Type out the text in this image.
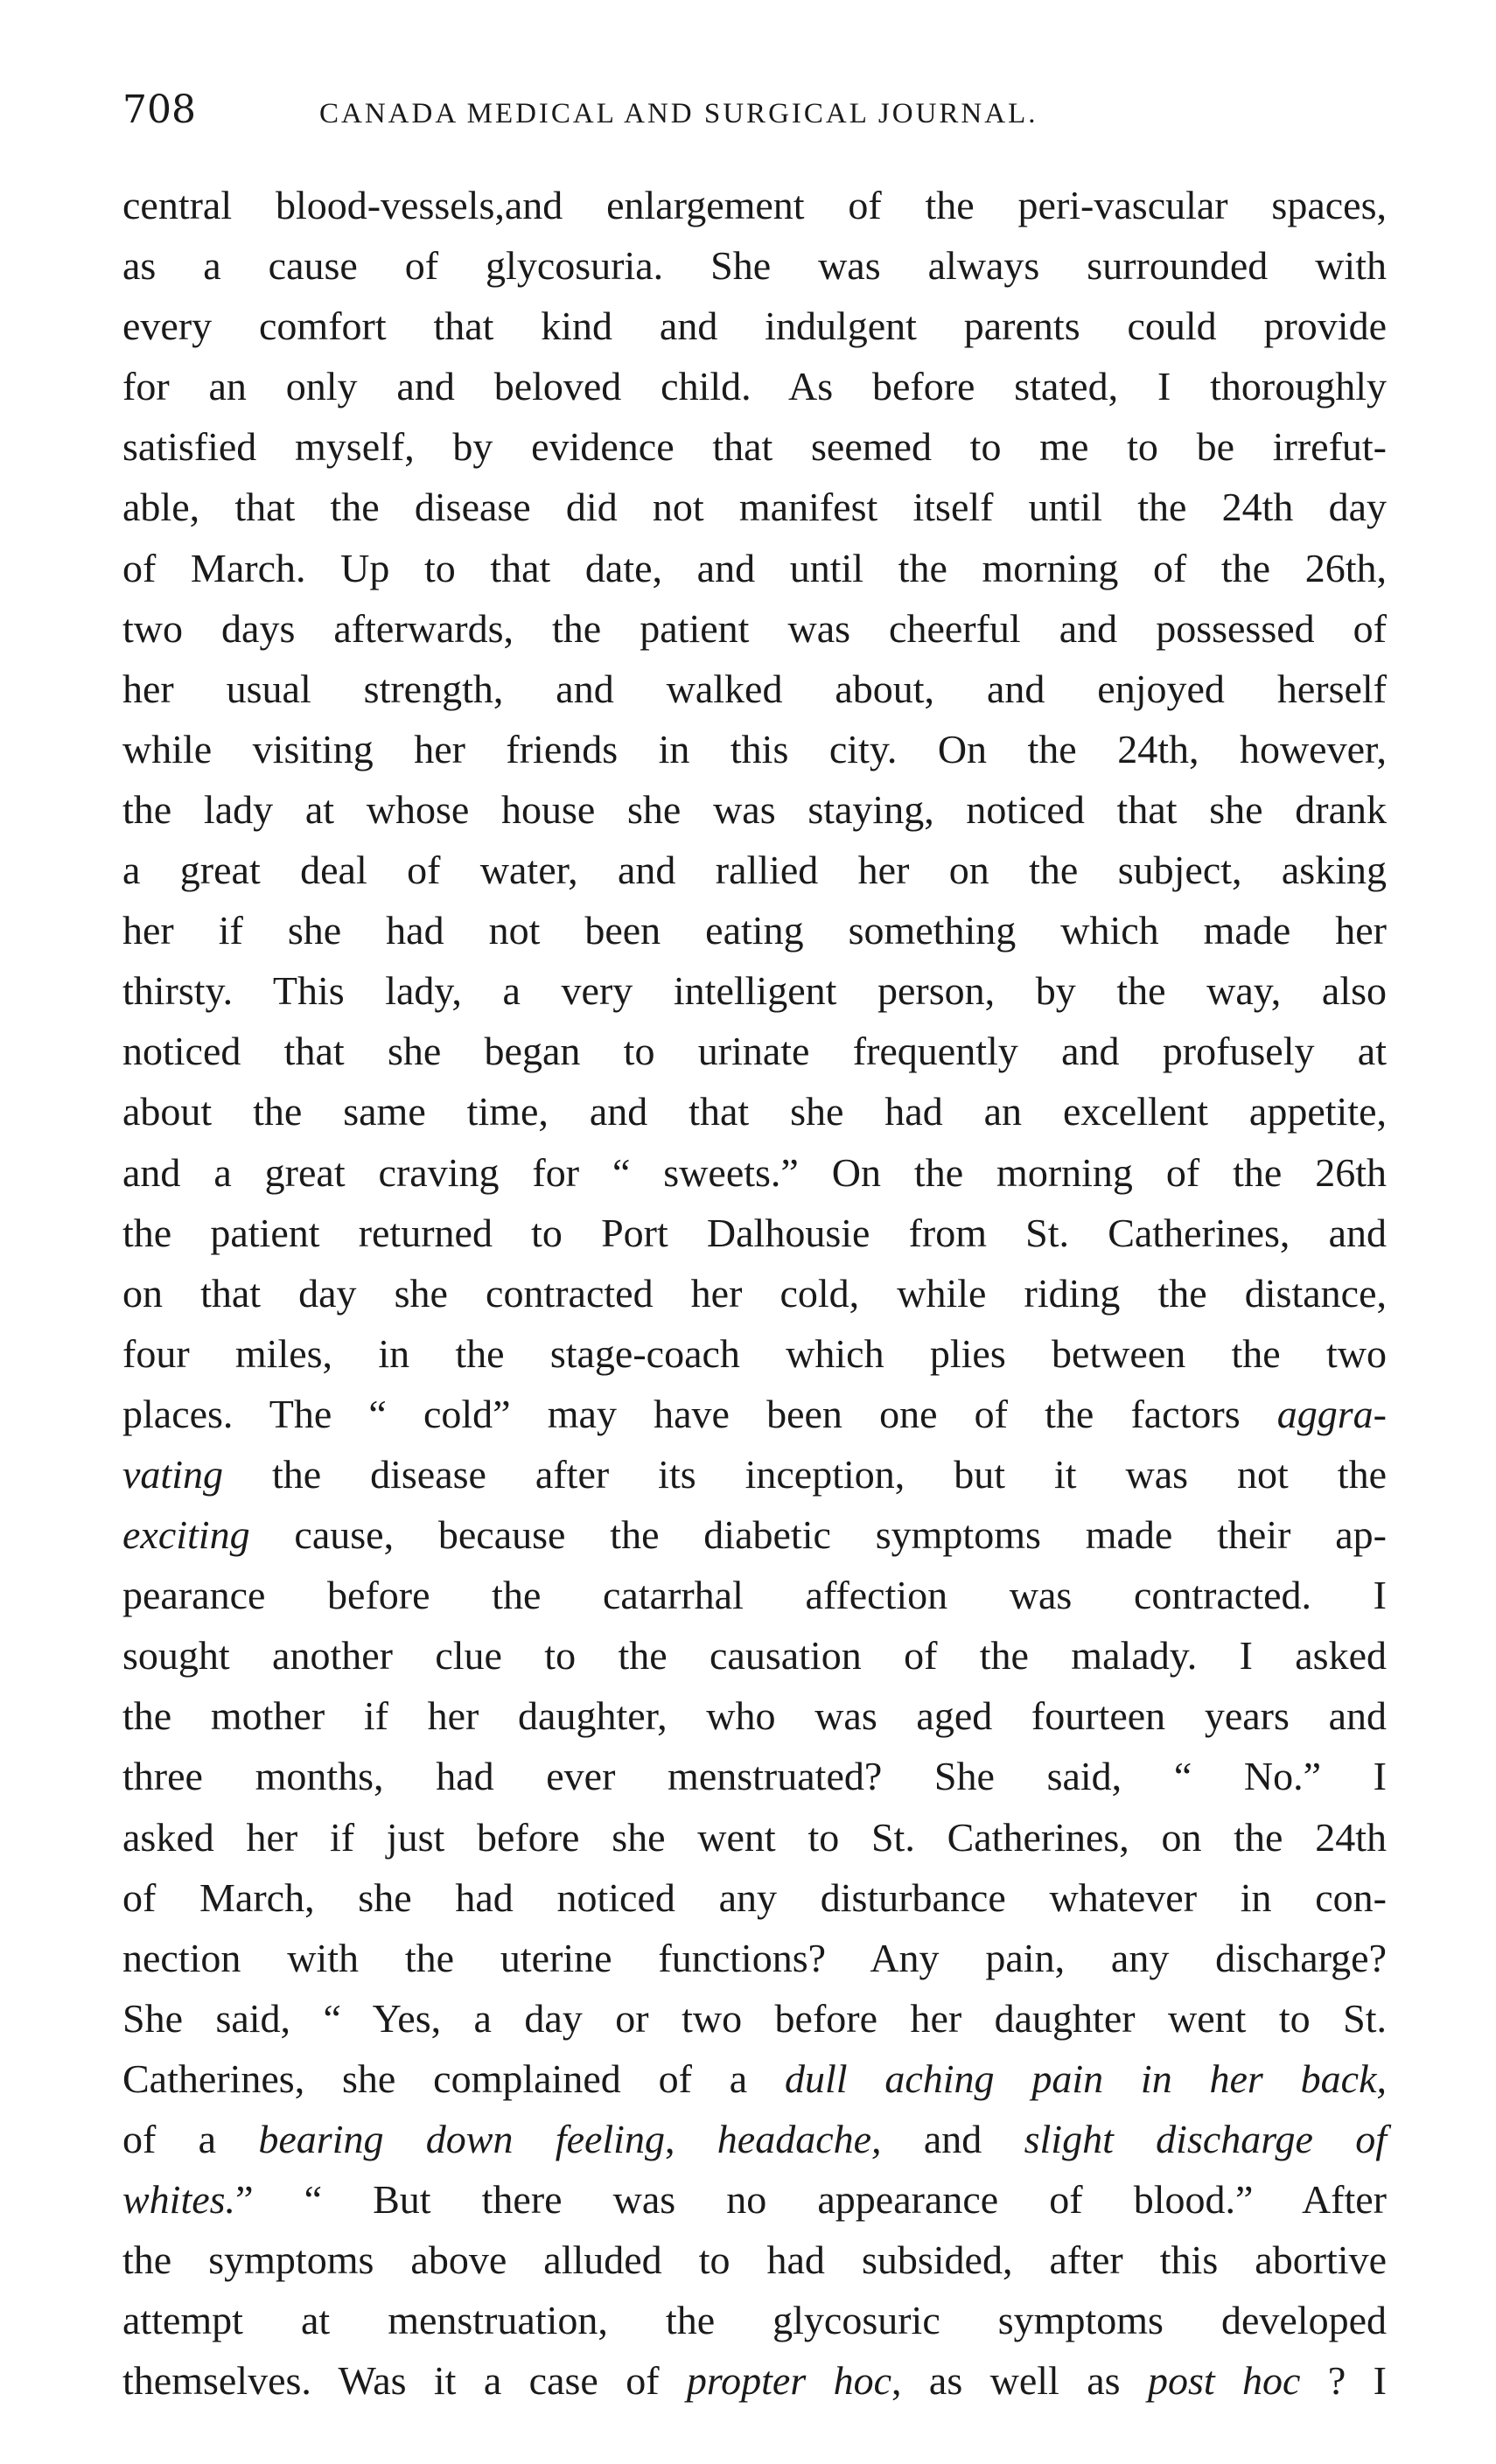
708	CANADA MEDICAL AND SURGICAL JOURNAL.
central blood-vessels,and enlargement of the peri-vascular spaces,
as a cause of glycosuria. She was always surrounded with
every comfort that kind and indulgent parents could provide
for an only and beloved child. As before stated, I thoroughly
satisfied myself, by evidence that seemed to me to be irrefut-
able, that the disease did not manifest itself until the 24th day
of March. Up to that date, and until the morning of the 26th,
two days afterwards, the patient was cheerful and possessed of
her usual strength, and walked about, and enjoyed herself
while visiting her friends in this city. On the 24th, however,
the lady at whose house she was staying, noticed that she drank
a great deal of water, and rallied her on the subject, asking
her if she had not been eating something which made her
thirsty. This lady, a very intelligent person, by the way, also
noticed that she began to urinate frequently and profusely at
about the same time, and that she had an excellent appetite,
and a great craving for “ sweets.” On the morning of the 26th
the patient returned to Port Dalhousie from St. Catherines, and
on that day she contracted her cold, while riding the distance,
four miles, in the stage-coach which plies between the two
places. The “ cold” may have been one of the factors aggra-
vating the disease after its inception, but it was not the
exciting cause, because the diabetic symptoms made their ap-
pearance before the catarrhal affection was contracted. I
sought another clue to the causation of the malady. I asked
the mother if her daughter, who was aged fourteen years and
three months, had ever menstruated? She said, “ No.” I
asked her if just before she went to St. Catherines, on the 24th
of March, she had noticed any disturbance whatever in con-
nection with the uterine functions? Any pain, any discharge?
She said, “ Yes, a day or two before her daughter went to St.
Catherines, she complained of a dull aching pain in her back,
of a bearing down feeling, headache, and slight discharge of
whites.” “ But there was no appearance of blood.” After
the symptoms above alluded to had subsided, after this abortive
attempt at menstruation, the glycosuric symptoms developed
themselves. Was it a case of propter hoc, as well as post hoc ? I
